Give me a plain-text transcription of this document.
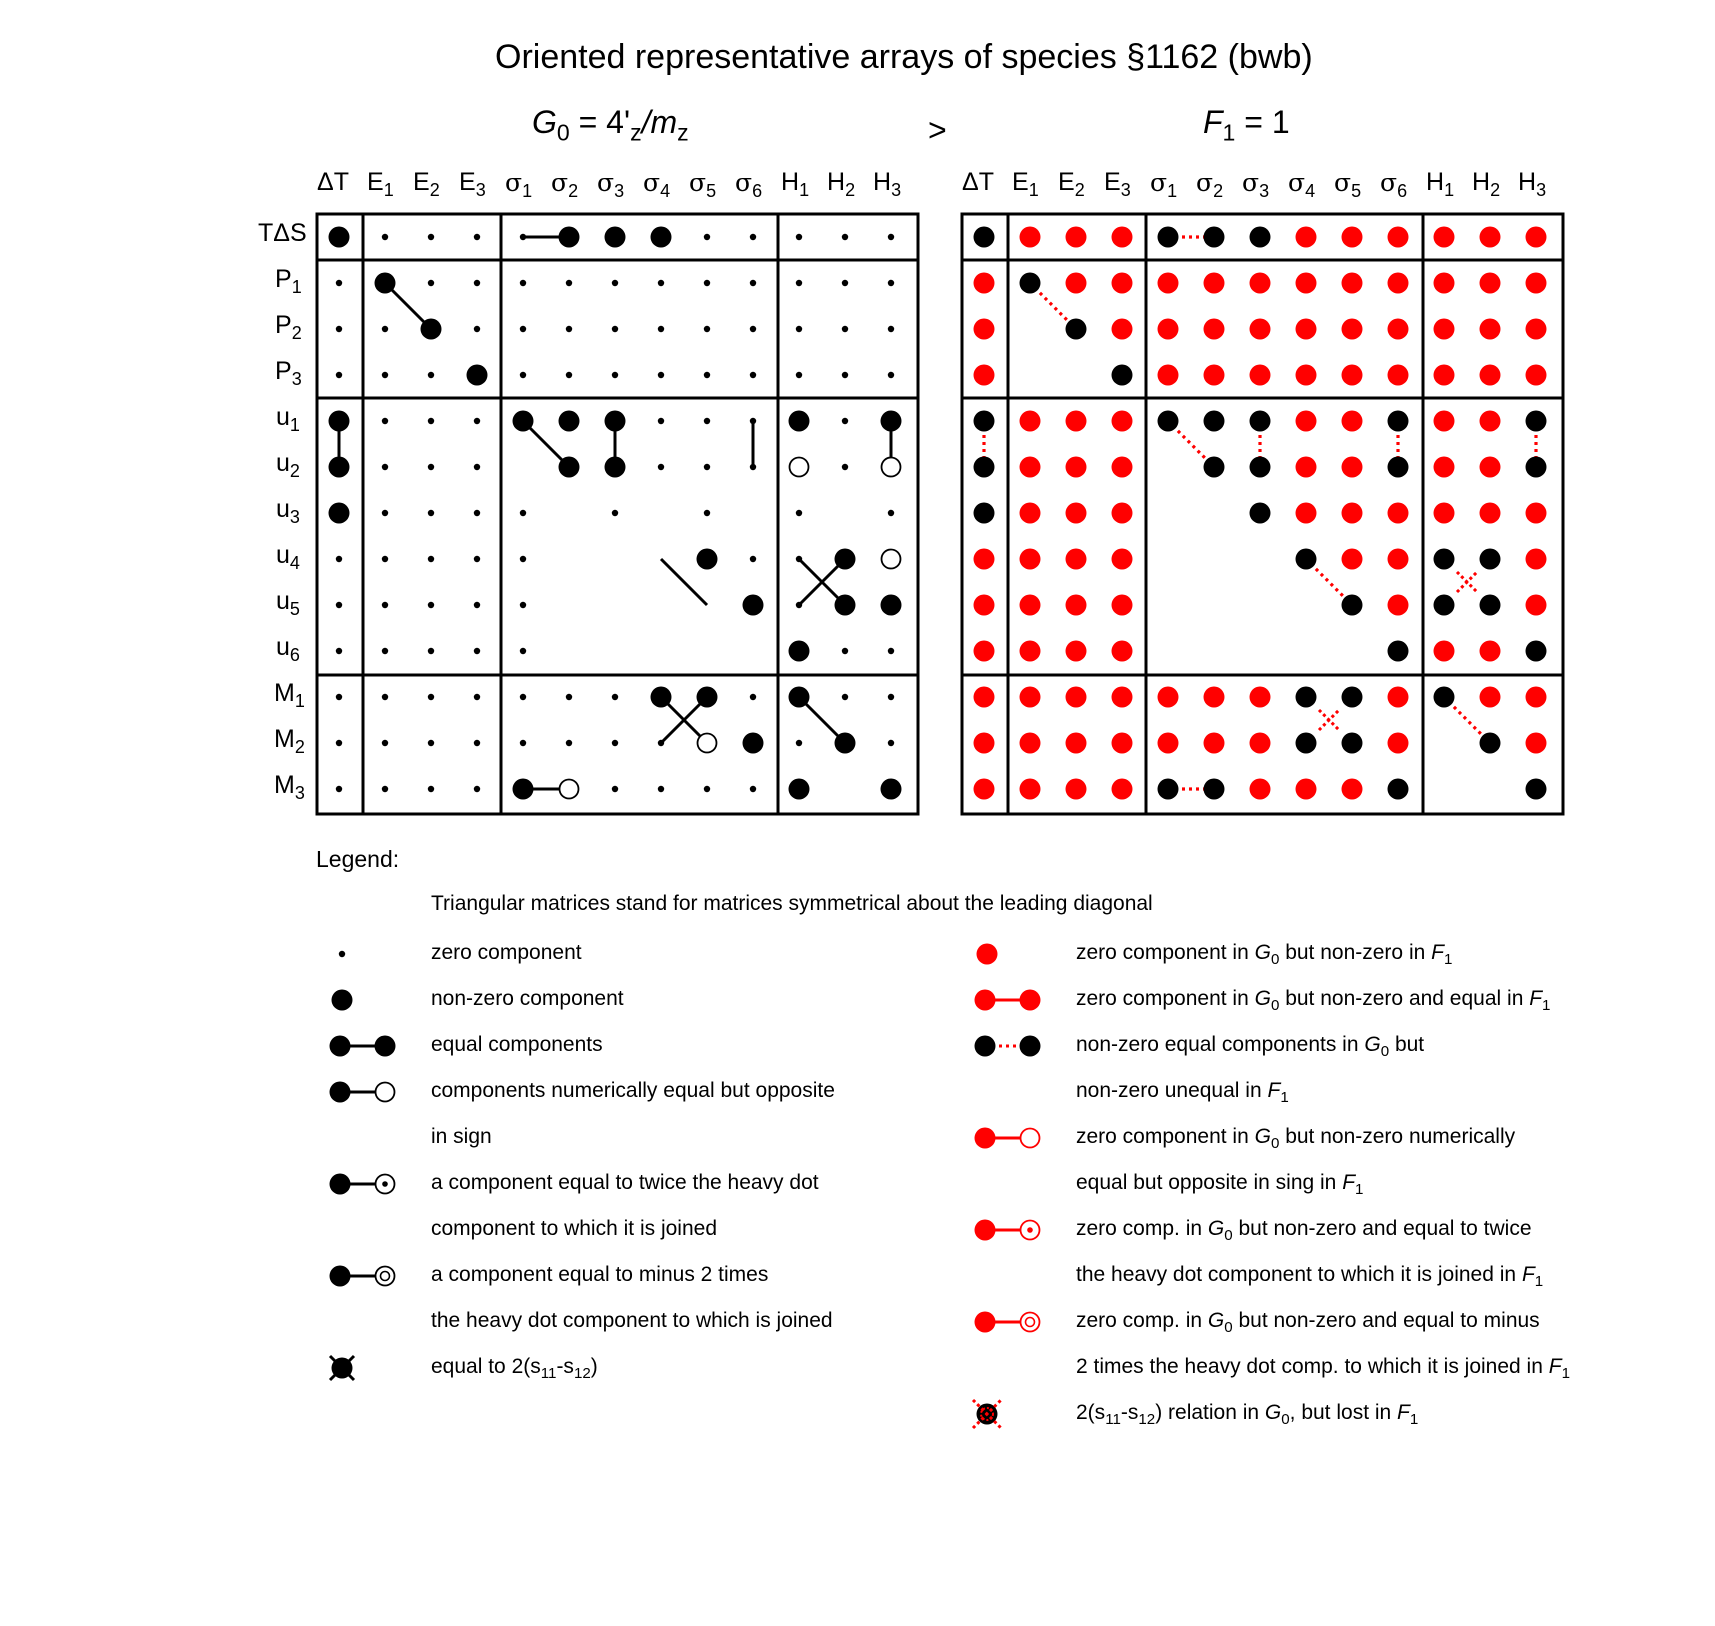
Oriented representative arrays of species §1162 (bwb)
$G_0 = 4'_z/m_z$	>	$F_1 = 1$
Legend:
Triangular matrices stand for matrices symmetrical about the leading diagonal
ΔT $E_1$ $E_2$ $E_3$ $\sigma_1$ $\sigma_2$ $\sigma_3$ $\sigma_4$ $\sigma_5$ $\sigma_6$ $H_1$ $H_2$ $H_3$ ΔT $E_1$ $E_2$ $E_3$ $\sigma_1$ $\sigma_2$ $\sigma_3$ $\sigma_4$ $\sigma_5$ $\sigma_6$ $H_1$ $H_2$ $H_3$
TΔS
$P_1$
$P_2$
$P_3$
$u_1$
$u_2$
$u_3$
$u_4$
$u_5$
$u_6$
$M_1$
$M_2$
$M_3$
zero component
non-zero component
equal components
components numerically equal but opposite
in sign
a component equal to twice the heavy dot
component to which it is joined
a component equal to minus 2 times
the heavy dot component to which is joined
equal to $2(s_{11}-s_{12})$
zero component in $G_0$ but non-zero in $F_1$
zero component in $G_0$ but non-zero and equal in $F_1$
non-zero equal components in $G_0$ but
non-zero unequal in $F_1$
zero component in $G_0$ but non-zero numerically
equal but opposite in sing in $F_1$
zero comp. in $G_0$ but non-zero and equal to twice
the heavy dot component to which it is joined in $F_1$
zero comp. in $G_0$ but non-zero and equal to minus
2 times the heavy dot comp. to which it is joined in $F_1$
$2(s_{11}-s_{12})$ relation in $G_0$, but lost in $F_1$
